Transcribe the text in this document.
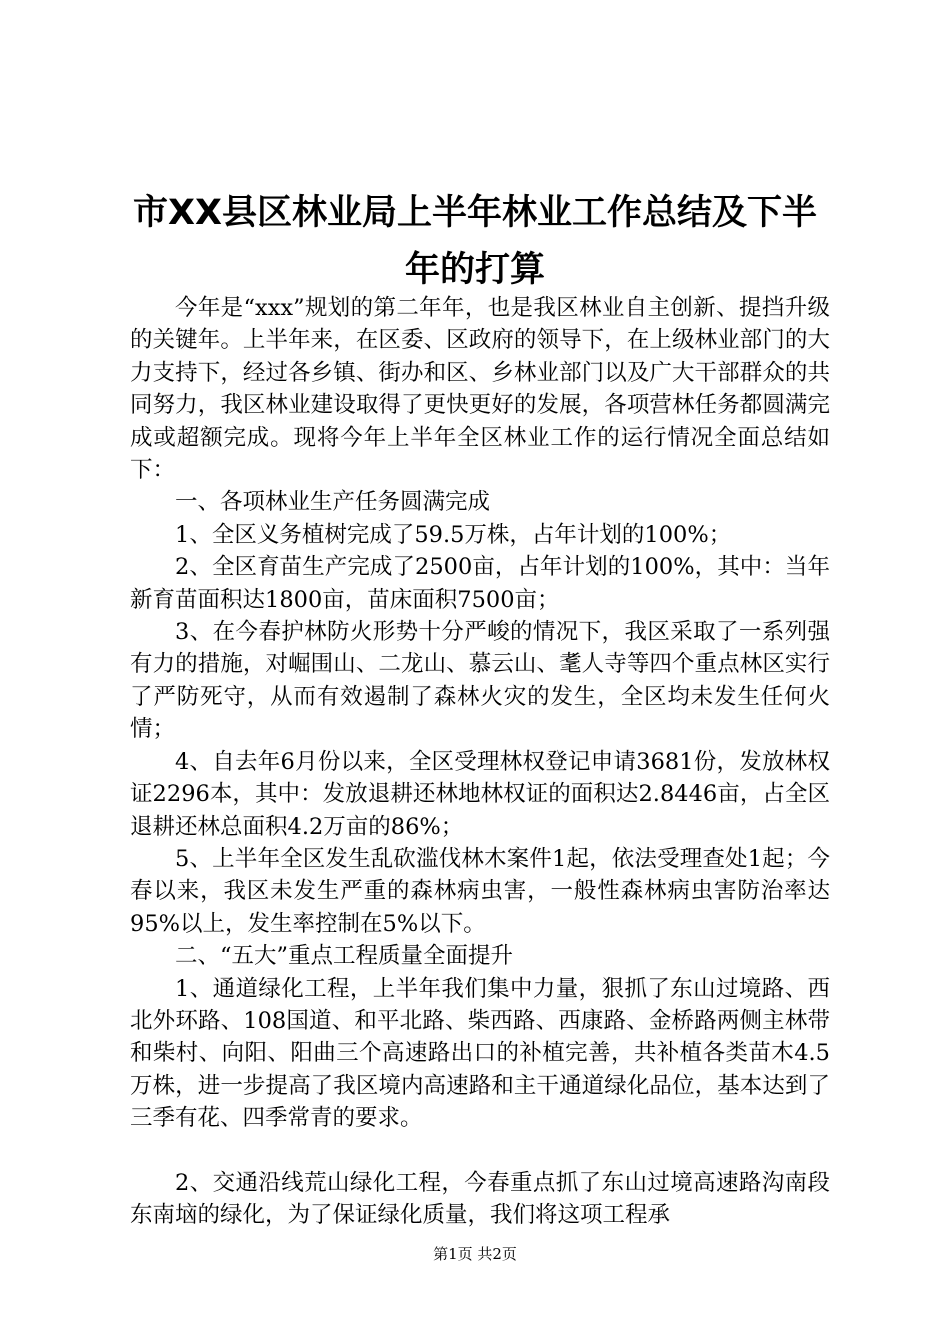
市XX县区林业局上半年林业工作总结及下半
年的打算

今年是“xxx”规划的第二年年，也是我区林业自主创新、提挡升级的关键年。上半年来，在区委、区政府的领导下，在上级林业部门的大力支持下，经过各乡镇、街办和区、乡林业部门以及广大干部群众的共同努力，我区林业建设取得了更快更好的发展，各项营林任务都圆满完成或超额完成。现将今年上半年全区林业工作的运行情况全面总结如下：

一、各项林业生产任务圆满完成

1、全区义务植树完成了59.5万株，占年计划的100%；

2、全区育苗生产完成了2500亩，占年计划的100%，其中：当年新育苗面积达1800亩，苗床面积7500亩；

3、在今春护林防火形势十分严峻的情况下，我区采取了一系列强有力的措施，对崛围山、二龙山、慕云山、耄人寺等四个重点林区实行了严防死守，从而有效遏制了森林火灾的发生，全区均未发生任何火情；

4、自去年6月份以来，全区受理林权登记申请3681份，发放林权证2296本，其中：发放退耕还林地林权证的面积达2.8446亩，占全区退耕还林总面积4.2万亩的86%；

5、上半年全区发生乱砍滥伐林木案件1起，依法受理查处1起；今春以来，我区未发生严重的森林病虫害，一般性森林病虫害防治率达95%以上，发生率控制在5%以下。

二、“五大”重点工程质量全面提升

1、通道绿化工程，上半年我们集中力量，狠抓了东山过境路、西北外环路、108国道、和平北路、柴西路、西康路、金桥路两侧主林带和柴村、向阳、阳曲三个高速路出口的补植完善，共补植各类苗木4.5万株，进一步提高了我区境内高速路和主干通道绿化品位，基本达到了三季有花、四季常青的要求。

2、交通沿线荒山绿化工程，今春重点抓了东山过境高速路沟南段东南垴的绿化，为了保证绿化质量，我们将这项工程承

第1页 共2页
